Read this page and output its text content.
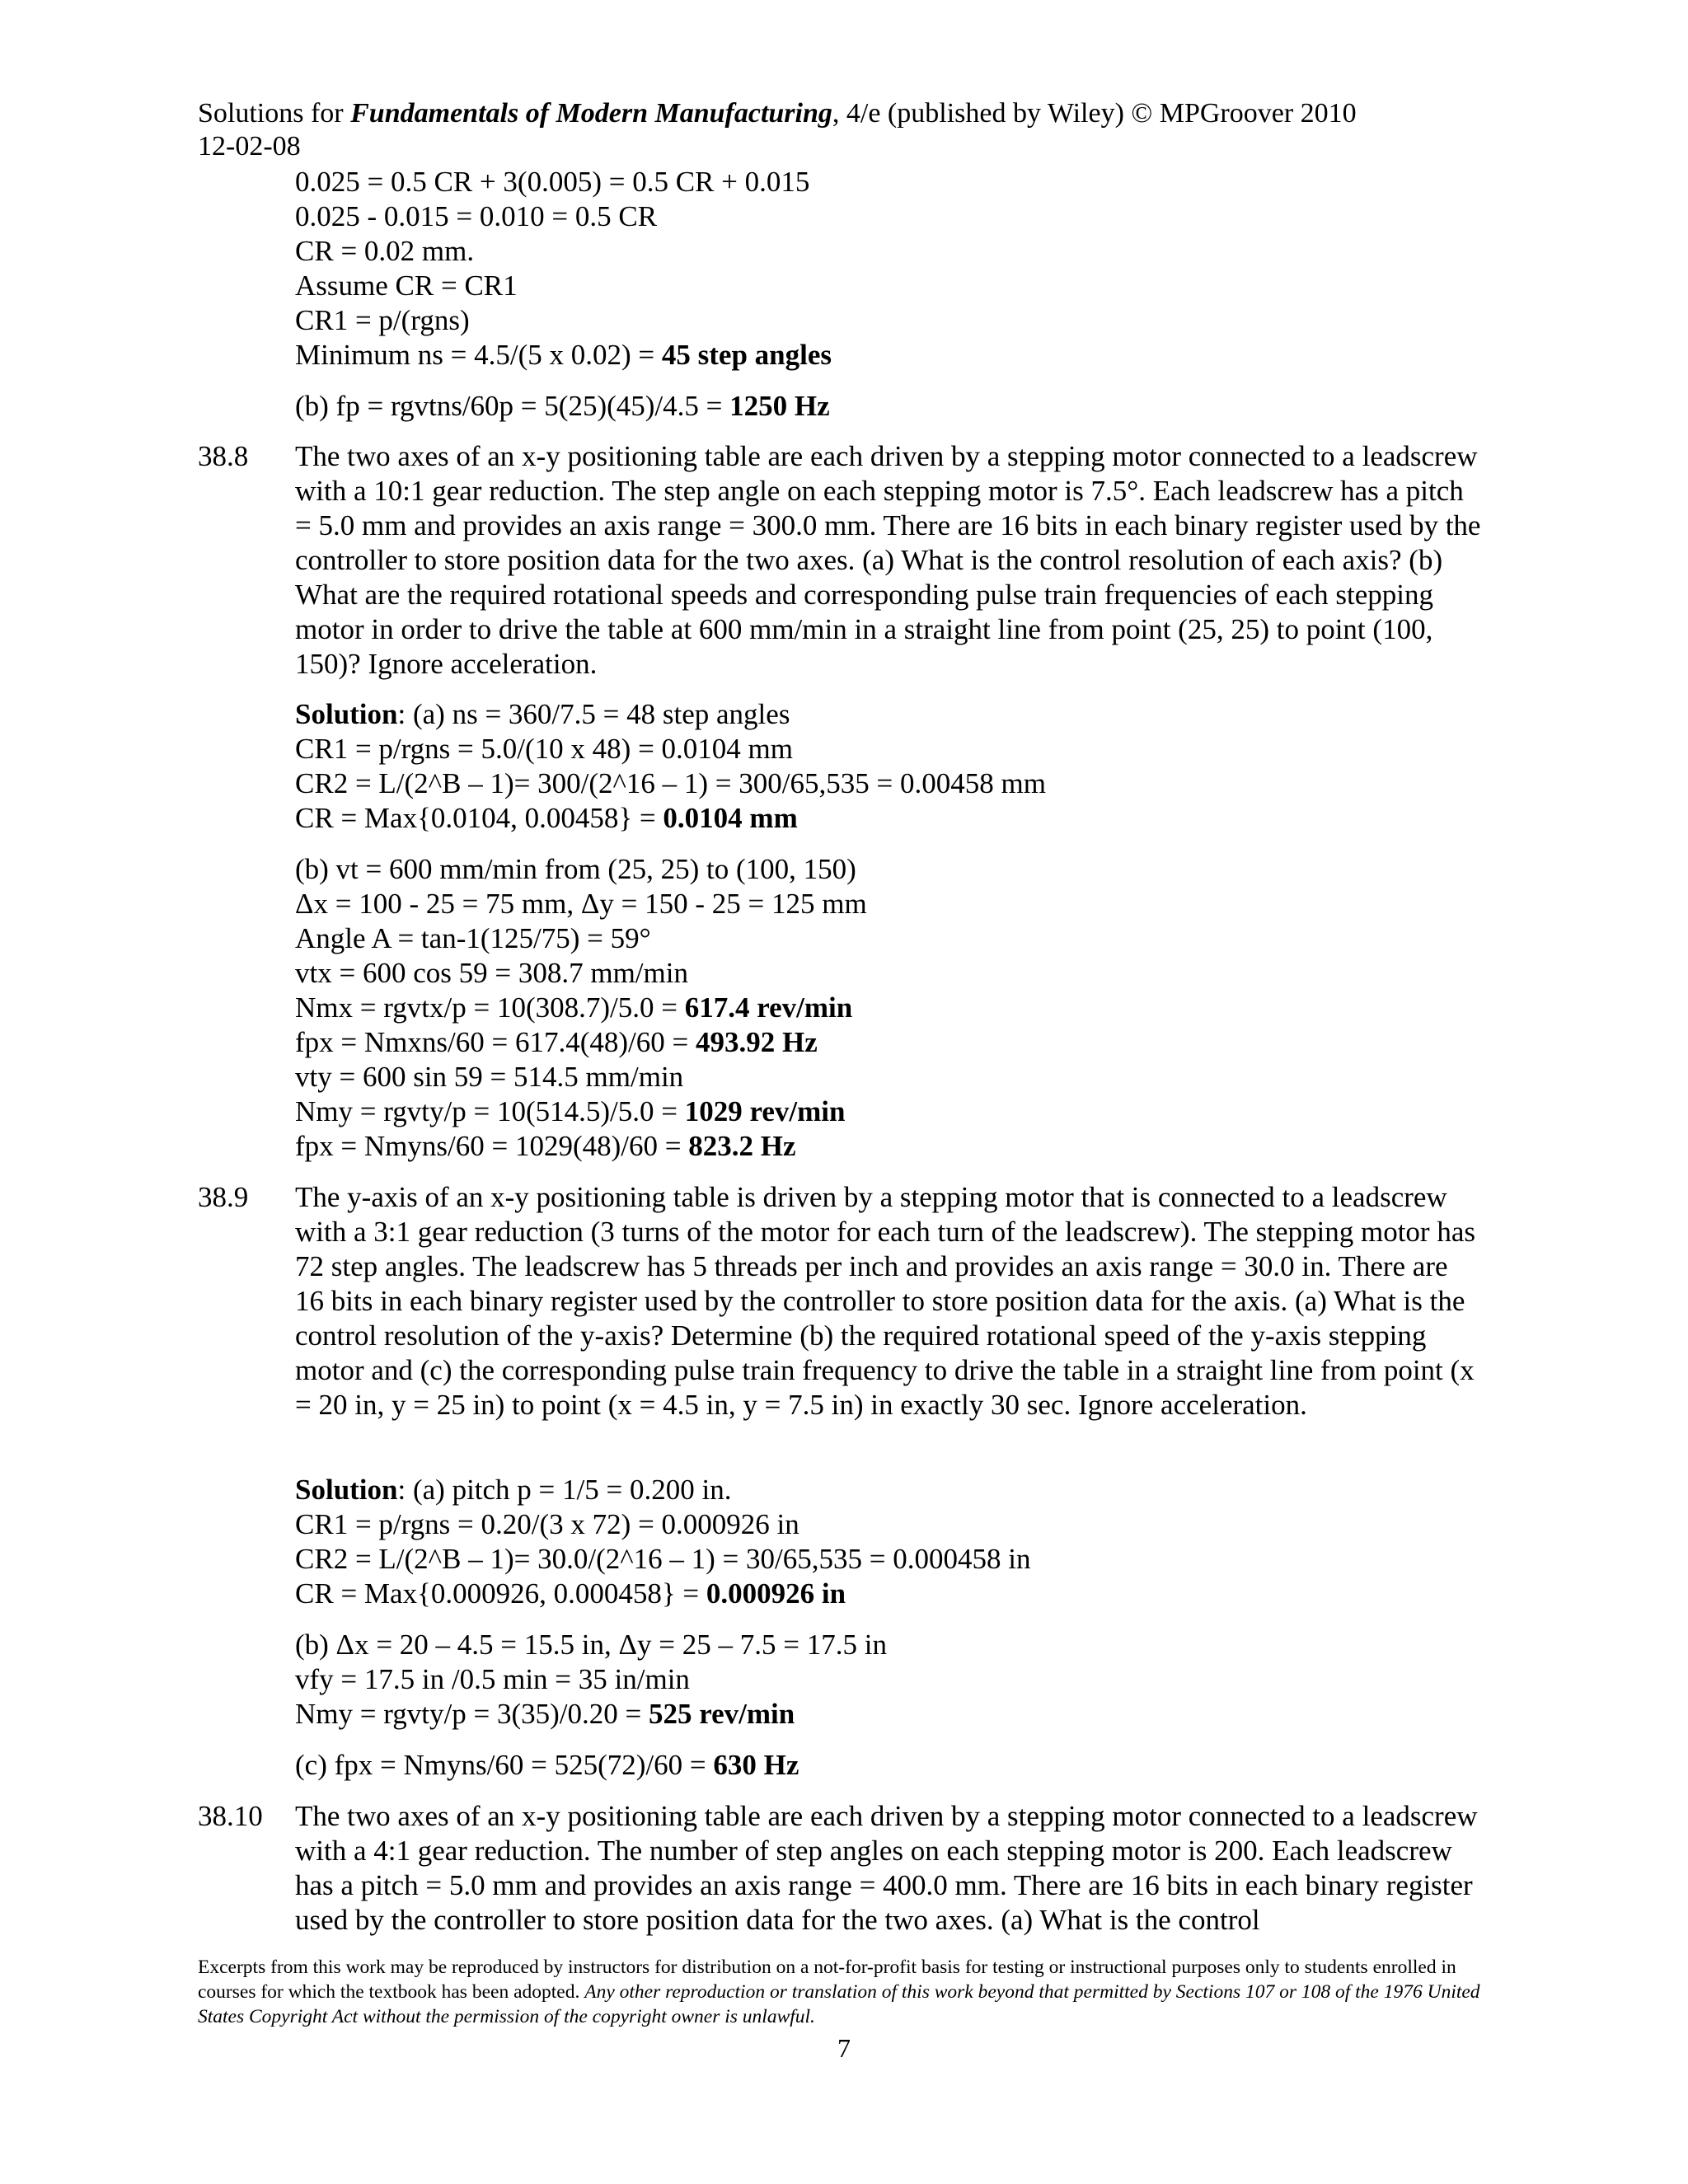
Solutions for Fundamentals of Modern Manufacturing, 4/e (published by Wiley) © MPGroover 2010
12-02-08
0.025 = 0.5 CR + 3(0.005) = 0.5 CR + 0.015
0.025 - 0.015 = 0.010 = 0.5 CR
CR = 0.02 mm.
Assume CR = CR1
CR1 = p/(rgns)
Minimum ns = 4.5/(5 x 0.02) = 45 step angles
(b) fp = rgvtns/60p = 5(25)(45)/4.5 = 1250 Hz
38.8 The two axes of an x-y positioning table are each driven by a stepping motor connected to a leadscrew with a 10:1 gear reduction. The step angle on each stepping motor is 7.5°. Each leadscrew has a pitch = 5.0 mm and provides an axis range = 300.0 mm. There are 16 bits in each binary register used by the controller to store position data for the two axes. (a) What is the control resolution of each axis? (b) What are the required rotational speeds and corresponding pulse train frequencies of each stepping motor in order to drive the table at 600 mm/min in a straight line from point (25, 25) to point (100, 150)? Ignore acceleration.
Solution: (a) ns = 360/7.5 = 48 step angles
CR1 = p/rgns = 5.0/(10 x 48) = 0.0104 mm
CR2 = L/(2^B – 1)= 300/(2^16 – 1) = 300/65,535 = 0.00458 mm
CR = Max{0.0104, 0.00458} = 0.0104 mm
(b) vt = 600 mm/min from (25, 25) to (100, 150)
Δx = 100 - 25 = 75 mm, Δy = 150 - 25 = 125 mm
Angle A = tan-1(125/75) = 59°
vtx = 600 cos 59 = 308.7 mm/min
Nmx = rgvtx/p = 10(308.7)/5.0 = 617.4 rev/min
fpx = Nmxns/60 = 617.4(48)/60 = 493.92 Hz
vty = 600 sin 59 = 514.5 mm/min
Nmy = rgvty/p = 10(514.5)/5.0 = 1029 rev/min
fpx = Nmyns/60 = 1029(48)/60 = 823.2 Hz
38.9 The y-axis of an x-y positioning table is driven by a stepping motor that is connected to a leadscrew with a 3:1 gear reduction (3 turns of the motor for each turn of the leadscrew). The stepping motor has 72 step angles. The leadscrew has 5 threads per inch and provides an axis range = 30.0 in. There are 16 bits in each binary register used by the controller to store position data for the axis. (a) What is the control resolution of the y-axis? Determine (b) the required rotational speed of the y-axis stepping motor and (c) the corresponding pulse train frequency to drive the table in a straight line from point (x = 20 in, y = 25 in) to point (x = 4.5 in, y = 7.5 in) in exactly 30 sec. Ignore acceleration.
Solution: (a) pitch p = 1/5 = 0.200 in.
CR1 = p/rgns = 0.20/(3 x 72) = 0.000926 in
CR2 = L/(2^B – 1)= 30.0/(2^16 – 1) = 30/65,535 = 0.000458 in
CR = Max{0.000926, 0.000458} = 0.000926 in
(b) Δx = 20 – 4.5 = 15.5 in, Δy = 25 – 7.5 = 17.5 in
vfy = 17.5 in /0.5 min = 35 in/min
Nmy = rgvty/p = 3(35)/0.20 = 525 rev/min
(c) fpx = Nmyns/60 = 525(72)/60 = 630 Hz
38.10 The two axes of an x-y positioning table are each driven by a stepping motor connected to a leadscrew with a 4:1 gear reduction. The number of step angles on each stepping motor is 200. Each leadscrew has a pitch = 5.0 mm and provides an axis range = 400.0 mm. There are 16 bits in each binary register used by the controller to store position data for the two axes. (a) What is the control
Excerpts from this work may be reproduced by instructors for distribution on a not-for-profit basis for testing or instructional purposes only to students enrolled in courses for which the textbook has been adopted. Any other reproduction or translation of this work beyond that permitted by Sections 107 or 108 of the 1976 United States Copyright Act without the permission of the copyright owner is unlawful.
7
